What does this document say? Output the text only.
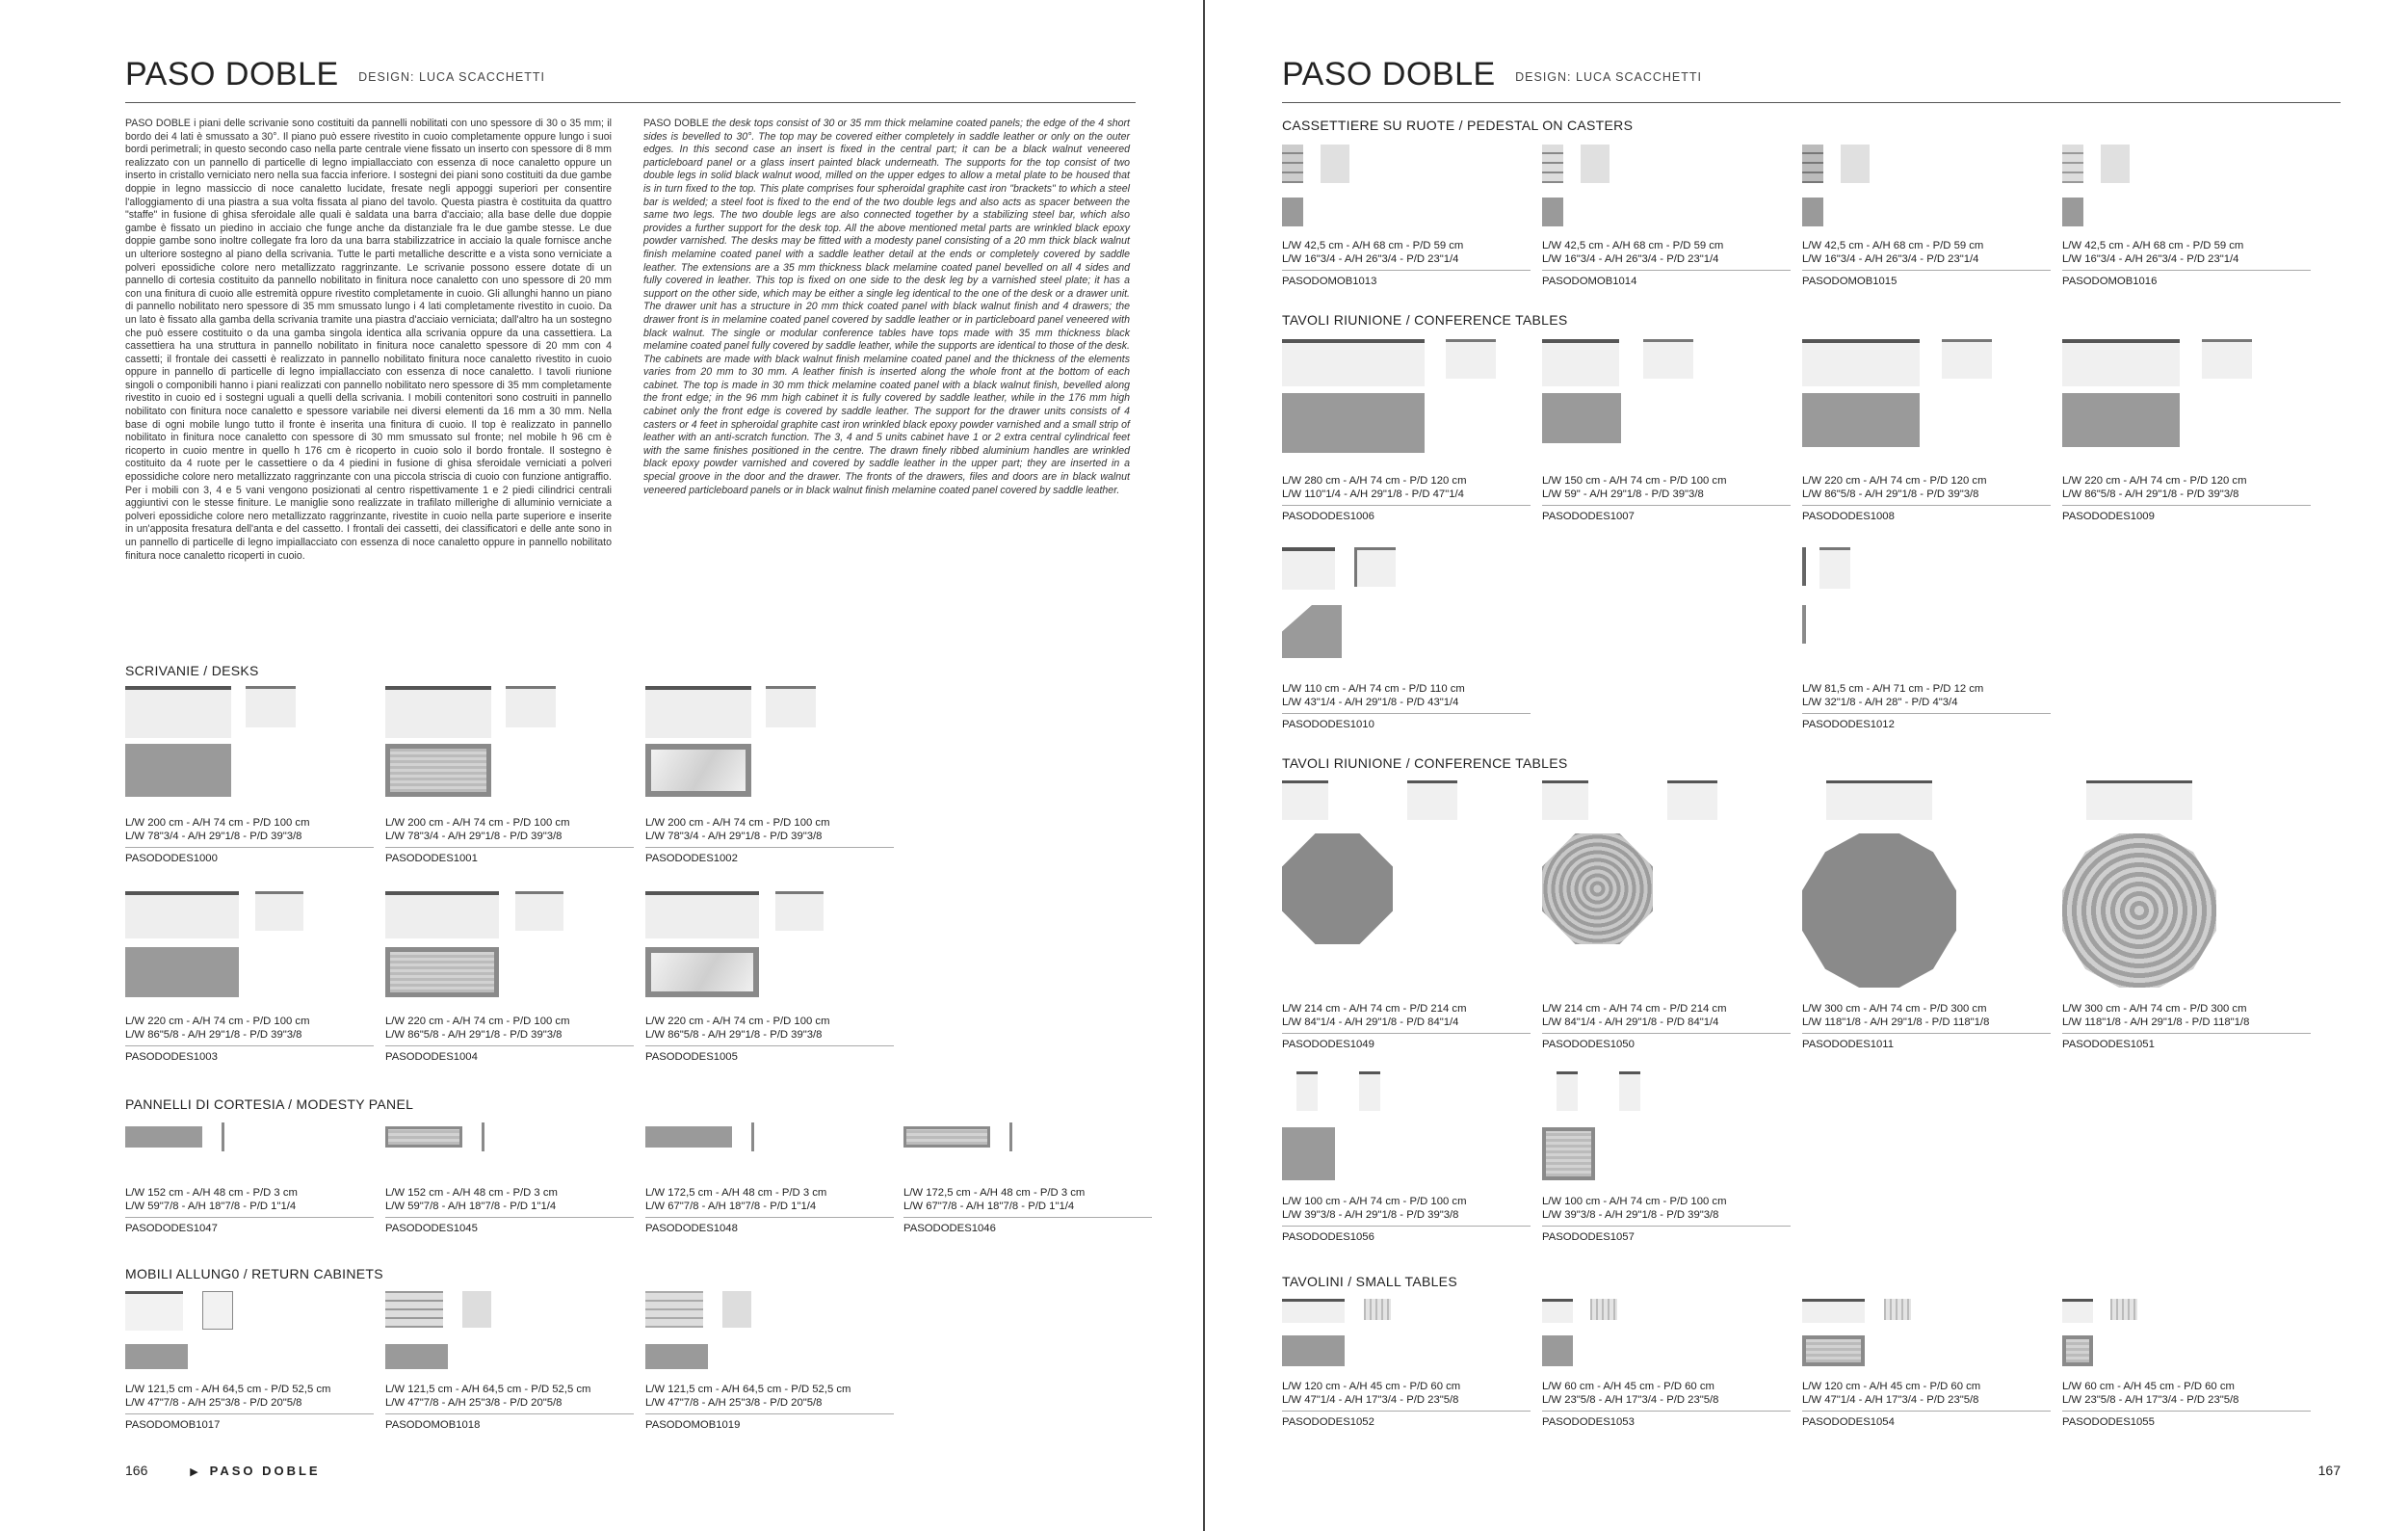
PASO DOBLE DESIGN: LUCA SCACCHETTI
PASO DOBLE i piani delle scrivanie sono costituiti da pannelli nobilitati con uno spessore di 30 o 35 mm; il bordo dei 4 lati è smussato a 30°. Il piano può essere rivestito in cuoio completamente oppure lungo i suoi bordi perimetrali; in questo secondo caso nella parte centrale viene fissato un inserto con spessore di 8 mm realizzato con un pannello di particelle di legno impiallacciato con essenza di noce canaletto oppure un inserto in cristallo verniciato nero nella sua faccia inferiore. I sostegni dei piani sono costituiti da due gambe doppie in legno massiccio di noce canaletto lucidate, fresate negli appoggi superiori per consentire l'alloggiamento di una piastra a sua volta fissata al piano del tavolo. Questa piastra è costituita da quattro "staffe" in fusione di ghisa sferoidale alle quali è saldata una barra d'acciaio; alla base delle due doppie gambe è fissato un piedino in acciaio che funge anche da distanziale fra le due gambe stesse. Le due doppie gambe sono inoltre collegate fra loro da una barra stabilizzatrice in acciaio la quale fornisce anche un ulteriore sostegno al piano della scrivania. Tutte le parti metalliche descritte e a vista sono verniciate a polveri epossidiche colore nero metallizzato raggrinzante. Le scrivanie possono essere dotate di un pannello di cortesia costituito da pannello nobilitato in finitura noce canaletto con uno spessore di 20 mm con una finitura di cuoio alle estremità oppure rivestito completamente in cuoio. Gli allunghi hanno un piano di pannello nobilitato nero spessore di 35 mm smussato lungo i 4 lati completamente rivestito in cuoio. Da un lato è fissato alla gamba della scrivania tramite una piastra d'acciaio verniciata; dall'altro ha un sostegno che può essere costituito o da una gamba singola identica alla scrivania oppure da una cassettiera. La cassettiera ha una struttura in pannello nobilitato in finitura noce canaletto spessore di 20 mm con 4 cassetti; il frontale dei cassetti è realizzato in pannello nobilitato finitura noce canaletto rivestito in cuoio oppure in pannello di particelle di legno impiallacciato con essenza di noce canaletto. I tavoli riunione singoli o componibili hanno i piani realizzati con pannello nobilitato nero spessore di 35 mm completamente rivestito in cuoio ed i sostegni uguali a quelli della scrivania. I mobili contenitori sono costruiti in pannello nobilitato con finitura noce canaletto e spessore variabile nei diversi elementi da 16 mm a 30 mm. Nella base di ogni mobile lungo tutto il fronte è inserita una finitura di cuoio. Il top è realizzato in pannello nobilitato in finitura noce canaletto con spessore di 30 mm smussato sul fronte; nel mobile h 96 cm è ricoperto in cuoio mentre in quello h 176 cm è ricoperto in cuoio solo il bordo frontale. Il sostegno è costituito da 4 ruote per le cassettiere o da 4 piedini in fusione di ghisa sferoidale verniciati a polveri epossidiche colore nero metallizzato raggrinzante con una piccola striscia di cuoio con funzione antigraffio. Per i mobili con 3, 4 e 5 vani vengono posizionati al centro rispettivamente 1 e 2 piedi cilindrici centrali aggiuntivi con le stesse finiture. Le maniglie sono realizzate in trafilato millerighe di alluminio verniciate a polveri epossidiche colore nero metallizzato raggrinzante, rivestite in cuoio nella parte superiore e inserite in un'apposita fresatura dell'anta e del cassetto. I frontali dei cassetti, dei classificatori e delle ante sono in un pannello di particelle di legno impiallacciato con essenza di noce canaletto oppure in pannello nobilitato finitura noce canaletto ricoperti in cuoio.
PASO DOBLE the desk tops consist of 30 or 35 mm thick melamine coated panels; the edge of the 4 short sides is bevelled to 30°. The top may be covered either completely in saddle leather or only on the outer edges. In this second case an insert is fixed in the central part; it can be a black walnut veneered particleboard panel or a glass insert painted black underneath. The supports for the top consist of two double legs in solid black walnut wood, milled on the upper edges to allow a metal plate to be housed that is in turn fixed to the top. This plate comprises four spheroidal graphite cast iron "brackets" to which a steel bar is welded; a steel foot is fixed to the end of the two double legs and also acts as spacer between the same two legs. The two double legs are also connected together by a stabilizing steel bar, which also provides a further support for the desk top. All the above mentioned metal parts are wrinkled black epoxy powder varnished. The desks may be fitted with a modesty panel consisting of a 20 mm thick black walnut finish melamine coated panel with a saddle leather detail at the ends or completely covered by saddle leather. The extensions are a 35 mm thickness black melamine coated panel bevelled on all 4 sides and fully covered in leather. This top is fixed on one side to the desk leg by a varnished steel plate; it has a support on the other side, which may be either a single leg identical to the one of the desk or a drawer unit. The drawer unit has a structure in 20 mm thick coated panel with black walnut finish and 4 drawers; the drawer front is in melamine coated panel covered by saddle leather or in particleboard panel veneered with black walnut. The single or modular conference tables have tops made with 35 mm thickness black melamine coated panel fully covered by saddle leather, while the supports are identical to those of the desk. The cabinets are made with black walnut finish melamine coated panel and the thickness of the elements varies from 20 mm to 30 mm. A leather finish is inserted along the whole front at the bottom of each cabinet. The top is made in 30 mm thick melamine coated panel with a black walnut finish, bevelled along the front edge; in the 96 mm high cabinet it is fully covered by saddle leather, while in the 176 mm high cabinet only the front edge is covered by saddle leather. The support for the drawer units consists of 4 casters or 4 feet in spheroidal graphite cast iron wrinkled black epoxy powder varnished and a small strip of leather with an anti-scratch function. The 3, 4 and 5 units cabinet have 1 or 2 extra central cylindrical feet with the same finishes positioned in the centre. The drawn finely ribbed aluminium handles are wrinkled black epoxy powder varnished and covered by saddle leather in the upper part; they are inserted in a special groove in the door and the drawer. The fronts of the drawers, files and doors are in black walnut veneered particleboard panels or in black walnut finish melamine coated panel covered by saddle leather.
SCRIVANIE / DESKS
L/W 200 cm - A/H 74 cm - P/D 100 cm
L/W 78"3/4 - A/H 29"1/8 - P/D 39"3/8
PASODODES1000
L/W 200 cm - A/H 74 cm - P/D 100 cm
L/W 78"3/4 - A/H 29"1/8 - P/D 39"3/8
PASODODES1001
L/W 200 cm - A/H 74 cm - P/D 100 cm
L/W 78"3/4 - A/H 29"1/8 - P/D 39"3/8
PASODODES1002
L/W 220 cm - A/H 74 cm - P/D 100 cm
L/W 86"5/8 - A/H 29"1/8 - P/D 39"3/8
PASODODES1003
L/W 220 cm - A/H 74 cm - P/D 100 cm
L/W 86"5/8 - A/H 29"1/8 - P/D 39"3/8
PASODODES1004
L/W 220 cm - A/H 74 cm - P/D 100 cm
L/W 86"5/8 - A/H 29"1/8 - P/D 39"3/8
PASODODES1005
PANNELLI DI CORTESIA / MODESTY PANEL
L/W 152 cm - A/H 48 cm - P/D 3 cm
L/W 59"7/8 - A/H 18"7/8 - P/D 1"1/4
PASODODES1047
L/W 152 cm - A/H 48 cm - P/D 3 cm
L/W 59"7/8 - A/H 18"7/8 - P/D 1"1/4
PASODODES1045
L/W 172,5 cm - A/H 48 cm - P/D 3 cm
L/W 67"7/8 - A/H 18"7/8 - P/D 1"1/4
PASODODES1048
L/W 172,5 cm - A/H 48 cm - P/D 3 cm
L/W 67"7/8 - A/H 18"7/8 - P/D 1"1/4
PASODODES1046
MOBILI ALLUNG0 / RETURN CABINETS
L/W 121,5 cm - A/H 64,5 cm - P/D 52,5 cm
L/W 47"7/8 - A/H 25"3/8 - P/D 20"5/8
PASODOMOB1017
L/W 121,5 cm - A/H 64,5 cm - P/D 52,5 cm
L/W 47"7/8 - A/H 25"3/8 - P/D 20"5/8
PASODOMOB1018
L/W 121,5 cm - A/H 64,5 cm - P/D 52,5 cm
L/W 47"7/8 - A/H 25"3/8 - P/D 20"5/8
PASODOMOB1019
166	▶ PASO DOBLE
PASO DOBLE DESIGN: LUCA SCACCHETTI
CASSETTIERE SU RUOTE / PEDESTAL ON CASTERS
L/W 42,5 cm - A/H 68 cm - P/D 59 cm
L/W 16"3/4 - A/H 26"3/4 - P/D 23"1/4
PASODOMOB1013
L/W 42,5 cm - A/H 68 cm - P/D 59 cm
L/W 16"3/4 - A/H 26"3/4 - P/D 23"1/4
PASODOMOB1014
L/W 42,5 cm - A/H 68 cm - P/D 59 cm
L/W 16"3/4 - A/H 26"3/4 - P/D 23"1/4
PASODOMOB1015
L/W 42,5 cm - A/H 68 cm - P/D 59 cm
L/W 16"3/4 - A/H 26"3/4 - P/D 23"1/4
PASODOMOB1016
TAVOLI RIUNIONE / CONFERENCE TABLES
L/W 280 cm - A/H 74 cm - P/D 120 cm
L/W 110"1/4 - A/H 29"1/8 - P/D 47"1/4
PASODODES1006
L/W 150 cm - A/H 74 cm - P/D 100 cm
L/W 59" - A/H 29"1/8 - P/D 39"3/8
PASODODES1007
L/W 220 cm - A/H 74 cm - P/D 120 cm
L/W 86"5/8 - A/H 29"1/8 - P/D 39"3/8
PASODODES1008
L/W 220 cm - A/H 74 cm - P/D 120 cm
L/W 86"5/8 - A/H 29"1/8 - P/D 39"3/8
PASODODES1009
L/W 110 cm - A/H 74 cm - P/D 110 cm
L/W 43"1/4 - A/H 29"1/8 - P/D 43"1/4
PASODODES1010
L/W 81,5 cm - A/H 71 cm - P/D 12 cm
L/W 32"1/8 - A/H 28" - P/D 4"3/4
PASODODES1012
TAVOLI RIUNIONE / CONFERENCE TABLES
L/W 214 cm - A/H 74 cm - P/D 214 cm
L/W 84"1/4 - A/H 29"1/8 - P/D 84"1/4
PASODODES1049
L/W 214 cm - A/H 74 cm - P/D 214 cm
L/W 84"1/4 - A/H 29"1/8 - P/D 84"1/4
PASODODES1050
L/W 300 cm - A/H 74 cm - P/D 300 cm
L/W 118"1/8 - A/H 29"1/8 - P/D 118"1/8
PASODODES1011
L/W 300 cm - A/H 74 cm - P/D 300 cm
L/W 118"1/8 - A/H 29"1/8 - P/D 118"1/8
PASODODES1051
L/W 100 cm - A/H 74 cm - P/D 100 cm
L/W 39"3/8 - A/H 29"1/8 - P/D 39"3/8
PASODODES1056
L/W 100 cm - A/H 74 cm - P/D 100 cm
L/W 39"3/8 - A/H 29"1/8 - P/D 39"3/8
PASODODES1057
TAVOLINI / SMALL TABLES
L/W 120 cm - A/H 45 cm - P/D 60 cm
L/W 47"1/4 - A/H 17"3/4 - P/D 23"5/8
PASODODES1052
L/W 60 cm - A/H 45 cm - P/D 60 cm
L/W 23"5/8 - A/H 17"3/4 - P/D 23"5/8
PASODODES1053
L/W 120 cm - A/H 45 cm - P/D 60 cm
L/W 47"1/4 - A/H 17"3/4 - P/D 23"5/8
PASODODES1054
L/W 60 cm - A/H 45 cm - P/D 60 cm
L/W 23"5/8 - A/H 17"3/4 - P/D 23"5/8
PASODODES1055
167
